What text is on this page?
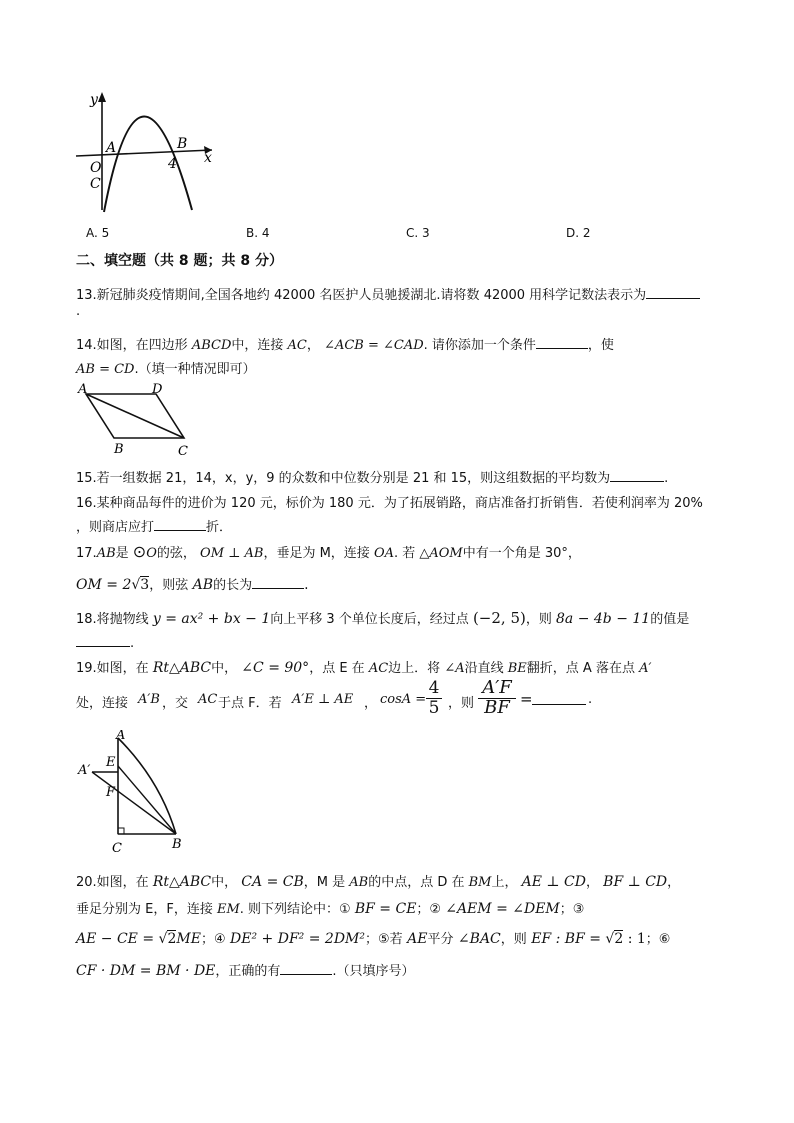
y
x
A	B
O
C
4
A. 5	B. 4	C. 3	D. 2
二、填空题（共 8 题；共 8 分）
13.新冠肺炎疫情期间,全国各地约 42000 名医护人员驰援湖北.请将数 42000 用科学记数法表示为
.
14.如图，在四边形 ABCD中，连接 AC， ∠ACB = ∠CAD. 请你添加一个条件	，使
AB = CD.（填一种情况即可）
A	D
B	C
15.若一组数据 21，14，x，y，9 的众数和中位数分别是 21 和 15，则这组数据的平均数为	.
16.某种商品每件的进价为 120 元，标价为 180 元．为了拓展销路，商店准备打折销售．若使利润率为 20%
，则商店应打	折．
17.AB是 ⊙O的弦， OM ⊥ AB，垂足为 M，连接 OA. 若 △AOM中有一个角是 30°，
OM = 2√3，则弦 AB的长为	.
18.将抛物线 y = ax² + bx − 1向上平移 3 个单位长度后，经过点 (−2, 5)，则 8a − 4b − 11的值是
.
19.如图，在 Rt△ABC中， ∠C = 90°，点 E 在 AC边上．将 ∠A沿直线 BE翻折，点 A 落在点 A′
处，连接 A′B ，交 AC 于点 F．若 A′E ⊥ AE ， cosA =
4
5 ，则
A′F
BF =	.
A
A′
E
F
C	B
20.如图，在 Rt△ABC中， CA = CB，M 是 AB的中点，点 D 在 BM上， AE ⊥ CD， BF ⊥ CD，
垂足分别为 E，F，连接 EM. 则下列结论中：① BF = CE；② ∠AEM = ∠DEM；③
AE − CE = √2ME；④ DE² + DF² = 2DM²；⑤若 AE平分 ∠BAC，则 EF : BF = √2 : 1；⑥
CF · DM = BM · DE，正确的有	.（只填序号）
